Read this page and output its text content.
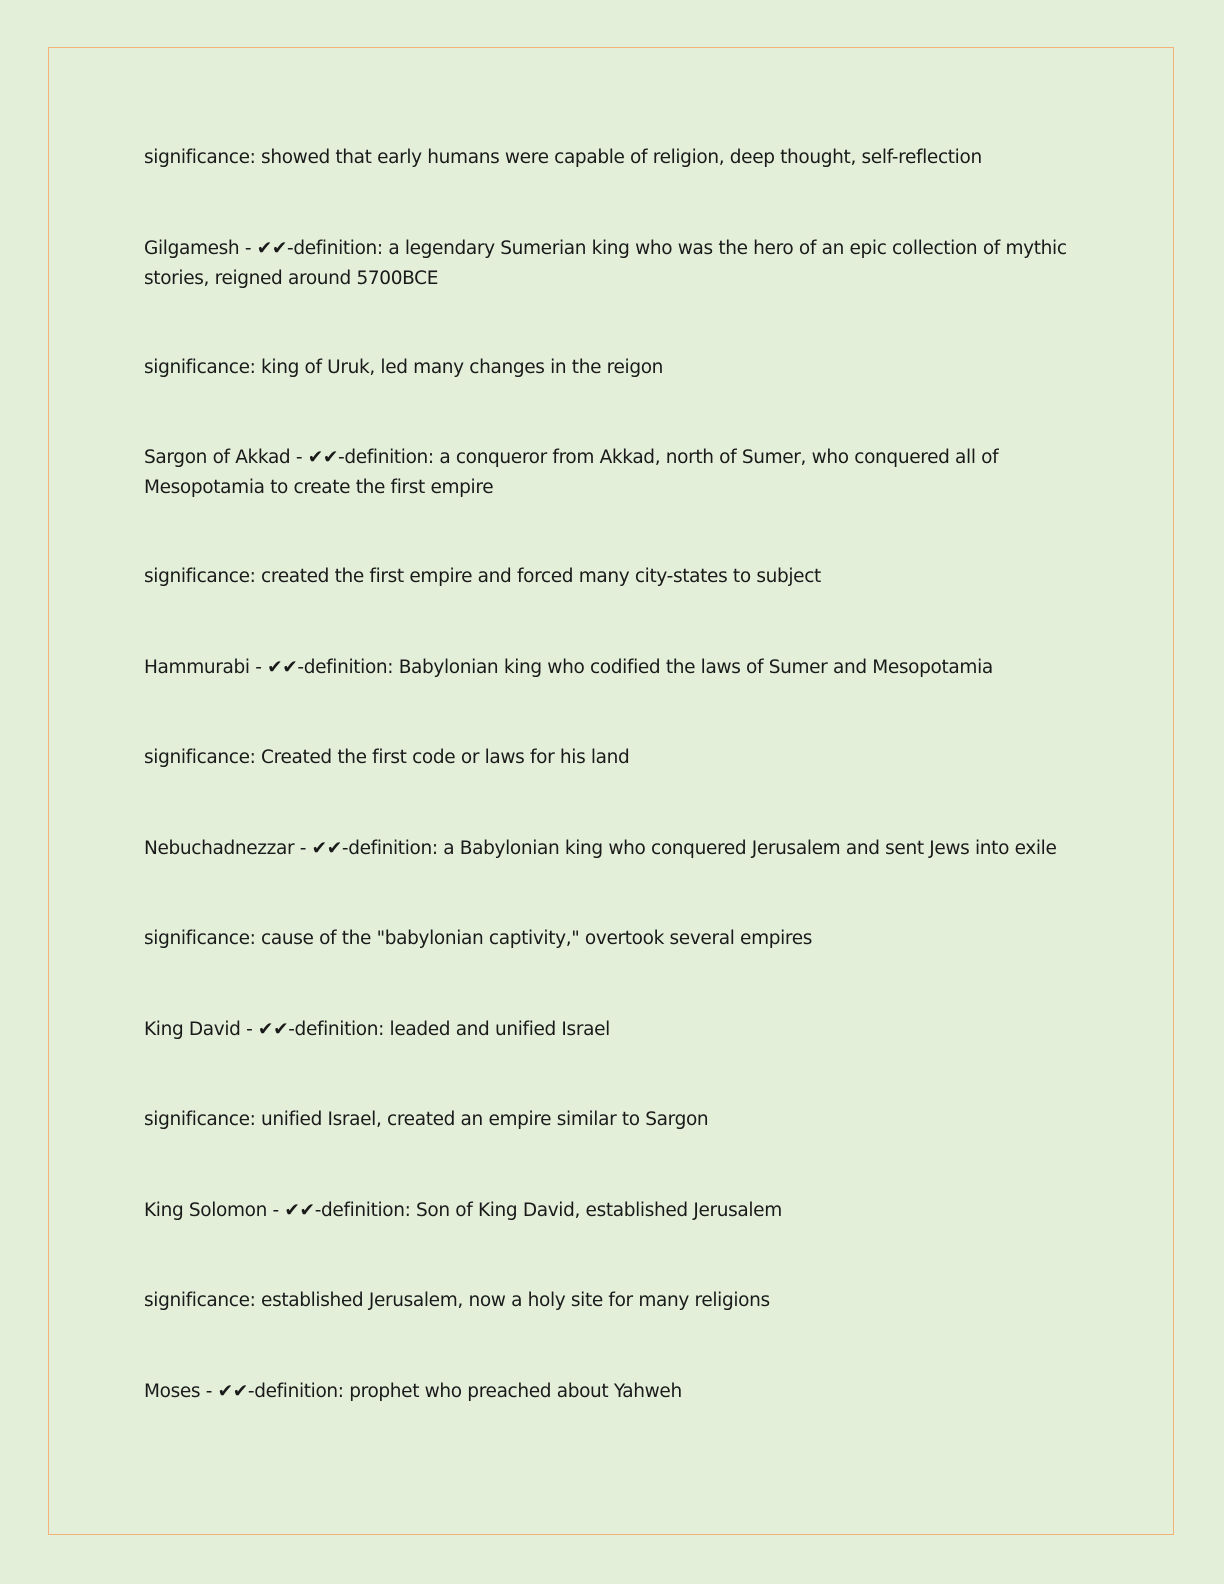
significance: showed that early humans were capable of religion, deep thought, self-reflection

Gilgamesh - ✔✔-definition: a legendary Sumerian king who was the hero of an epic collection of mythic stories, reigned around 5700BCE

significance: king of Uruk, led many changes in the reigon

Sargon of Akkad - ✔✔-definition: a conqueror from Akkad, north of Sumer, who conquered all of Mesopotamia to create the first empire

significance: created the first empire and forced many city-states to subject

Hammurabi - ✔✔-definition: Babylonian king who codified the laws of Sumer and Mesopotamia

significance: Created the first code or laws for his land

Nebuchadnezzar - ✔✔-definition: a Babylonian king who conquered Jerusalem and sent Jews into exile

significance: cause of the "babylonian captivity," overtook several empires

King David - ✔✔-definition: leaded and unified Israel

significance: unified Israel, created an empire similar to Sargon

King Solomon - ✔✔-definition: Son of King David, established Jerusalem

significance: established Jerusalem, now a holy site for many religions

Moses - ✔✔-definition: prophet who preached about Yahweh
